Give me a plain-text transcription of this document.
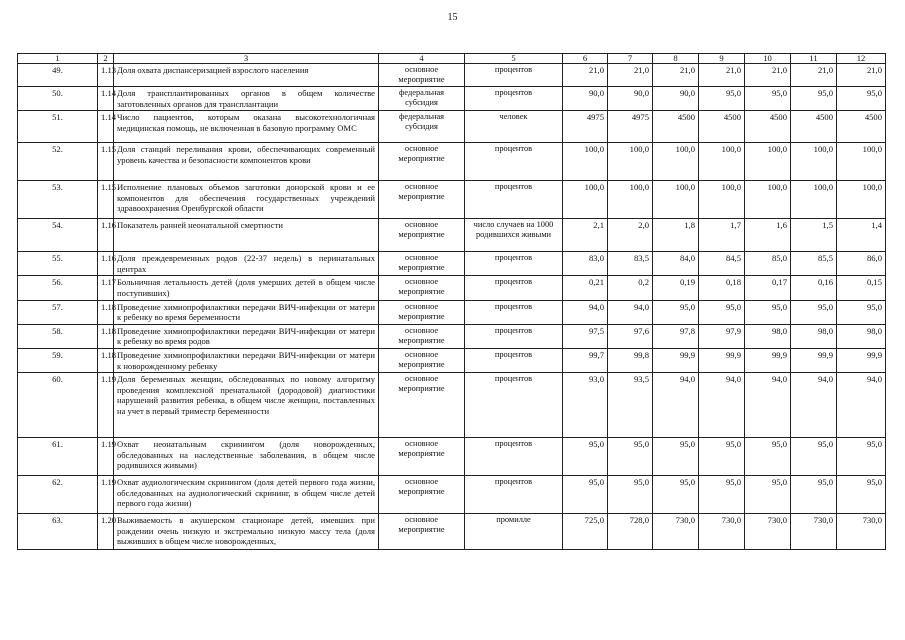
15
1	2	3	4	5	6	7	8	9	10	11	12
49.	1.13	Доля охвата диспансеризацией взрослого населения	основное мероприятие	процентов	21,0	21,0	21,0	21,0	21,0	21,0	21,0
50.	1.14	Доля трансплантированных органов в общем количестве заготовленных органов для трансплантации	федеральная субсидия	процентов	90,0	90,0	90,0	95,0	95,0	95,0	95,0
51.	1.14	Число пациентов, которым оказана высокотехнологичная медицинская помощь, не включенная в базовую программу ОМС	федеральная субсидия	человек	4975	4975	4500	4500	4500	4500	4500
52.	1.15	Доля станций переливания крови, обеспечивающих современный уровень качества и безопасности компонентов крови	основное мероприятие	процентов	100,0	100,0	100,0	100,0	100,0	100,0	100,0
53.	1.15	Исполнение плановых объемов заготовки донорской крови и ее компонентов для обеспечения государственных учреждений здравоохранения Оренбургской области	основное мероприятие	процентов	100,0	100,0	100,0	100,0	100,0	100,0	100,0
54.	1.16	Показатель ранней неонатальной смертности	основное мероприятие	число случаев на 1000 родившихся живыми	2,1	2,0	1,8	1,7	1,6	1,5	1,4
55.	1.16	Доля преждевременных родов (22-37 недель) в перинатальных центрах	основное мероприятие	процентов	83,0	83,5	84,0	84,5	85,0	85,5	86,0
56.	1.17	Больничная летальность детей (доля умерших детей в общем числе поступивших)	основное мероприятие	процентов	0,21	0,2	0,19	0,18	0,17	0,16	0,15
57.	1.18	Проведение химиопрофилактики передачи ВИЧ-инфекции от матери к ребенку во время беременности	основное мероприятие	процентов	94,0	94,0	95,0	95,0	95,0	95,0	95,0
58.	1.18	Проведение химиопрофилактики передачи ВИЧ-инфекции от матери к ребенку во время родов	основное мероприятие	процентов	97,5	97,6	97,8	97,9	98,0	98,0	98,0
59.	1.18	Проведение химиопрофилактики передачи ВИЧ-инфекции от матери к новорожденному ребенку	основное мероприятие	процентов	99,7	99,8	99,9	99,9	99,9	99,9	99,9
60.	1.19	Доля беременных женщин, обследованных по новому алгоритму проведения комплексной пренатальной (дородовой) диагностики нарушений развития ребенка, в общем числе женщин, поставленных на учет в первый триместр беременности	основное мероприятие	процентов	93,0	93,5	94,0	94,0	94,0	94,0	94,0
61.	1.19	Охват неонатальным скринингом (доля новорожденных, обследованных на наследственные заболевания, в общем числе родившихся живыми)	основное мероприятие	процентов	95,0	95,0	95,0	95,0	95,0	95,0	95,0
62.	1.19	Охват аудиологическим скринингом (доля детей первого года жизни, обследованных на аудиологический скрининг, в общем числе детей первого года жизни)	основное мероприятие	процентов	95,0	95,0	95,0	95,0	95,0	95,0	95,0
63.	1.20	Выживаемость в акушерском стационаре детей, имевших при рождении очень низкую и экстремально низкую массу тела (доля выживших в общем числе новорожденных,	основное мероприятие	промилле	725,0	728,0	730,0	730,0	730,0	730,0	730,0
